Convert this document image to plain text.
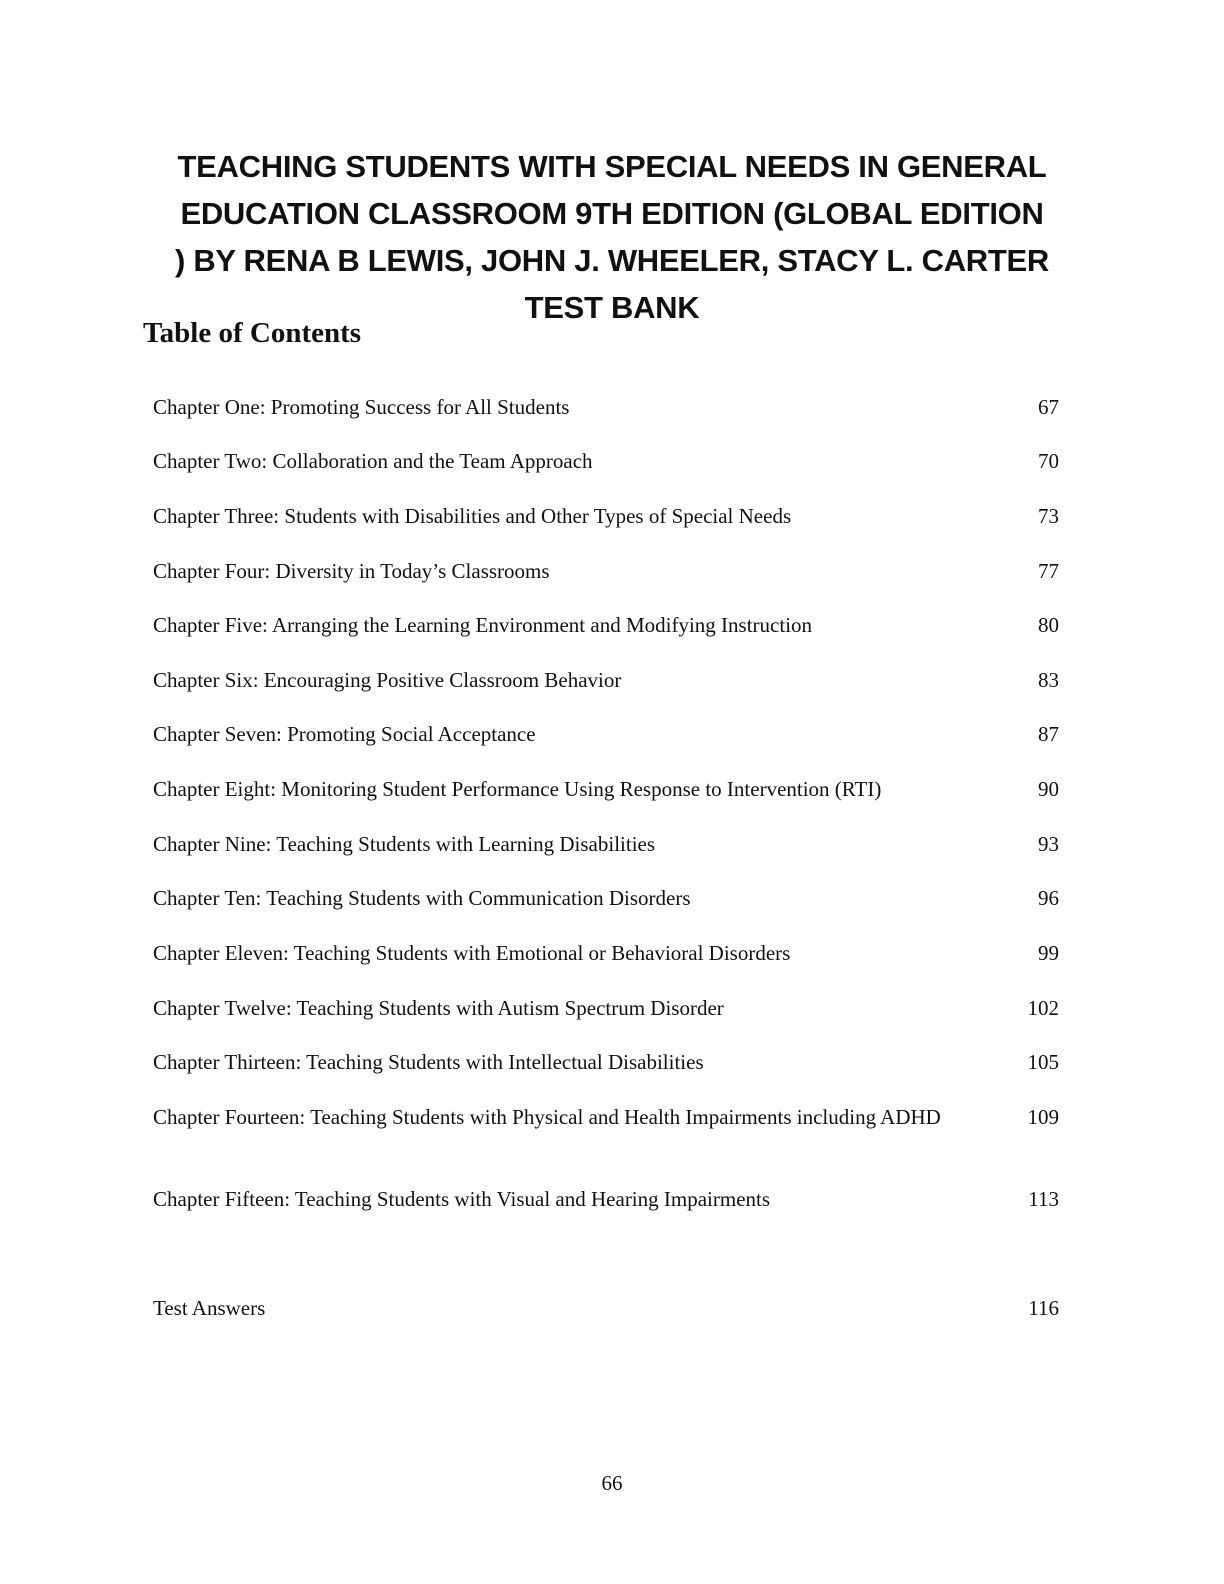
TEACHING STUDENTS WITH SPECIAL NEEDS IN GENERAL
EDUCATION CLASSROOM 9TH EDITION (GLOBAL EDITION
) BY RENA B LEWIS, JOHN J. WHEELER, STACY L. CARTER
TEST BANK
Table of Contents
Chapter One: Promoting Success for All Students	67
Chapter Two: Collaboration and the Team Approach	70
Chapter Three: Students with Disabilities and Other Types of Special Needs	73
Chapter Four: Diversity in Today’s Classrooms	77
Chapter Five: Arranging the Learning Environment and Modifying Instruction	80
Chapter Six: Encouraging Positive Classroom Behavior	83
Chapter Seven: Promoting Social Acceptance	87
Chapter Eight: Monitoring Student Performance Using Response to Intervention (RTI)	90
Chapter Nine: Teaching Students with Learning Disabilities	93
Chapter Ten: Teaching Students with Communication Disorders	96
Chapter Eleven: Teaching Students with Emotional or Behavioral Disorders	99
Chapter Twelve: Teaching Students with Autism Spectrum Disorder	102
Chapter Thirteen: Teaching Students with Intellectual Disabilities	105
Chapter Fourteen: Teaching Students with Physical and Health Impairments including ADHD	109
Chapter Fifteen: Teaching Students with Visual and Hearing Impairments	113
Test Answers	116
66
